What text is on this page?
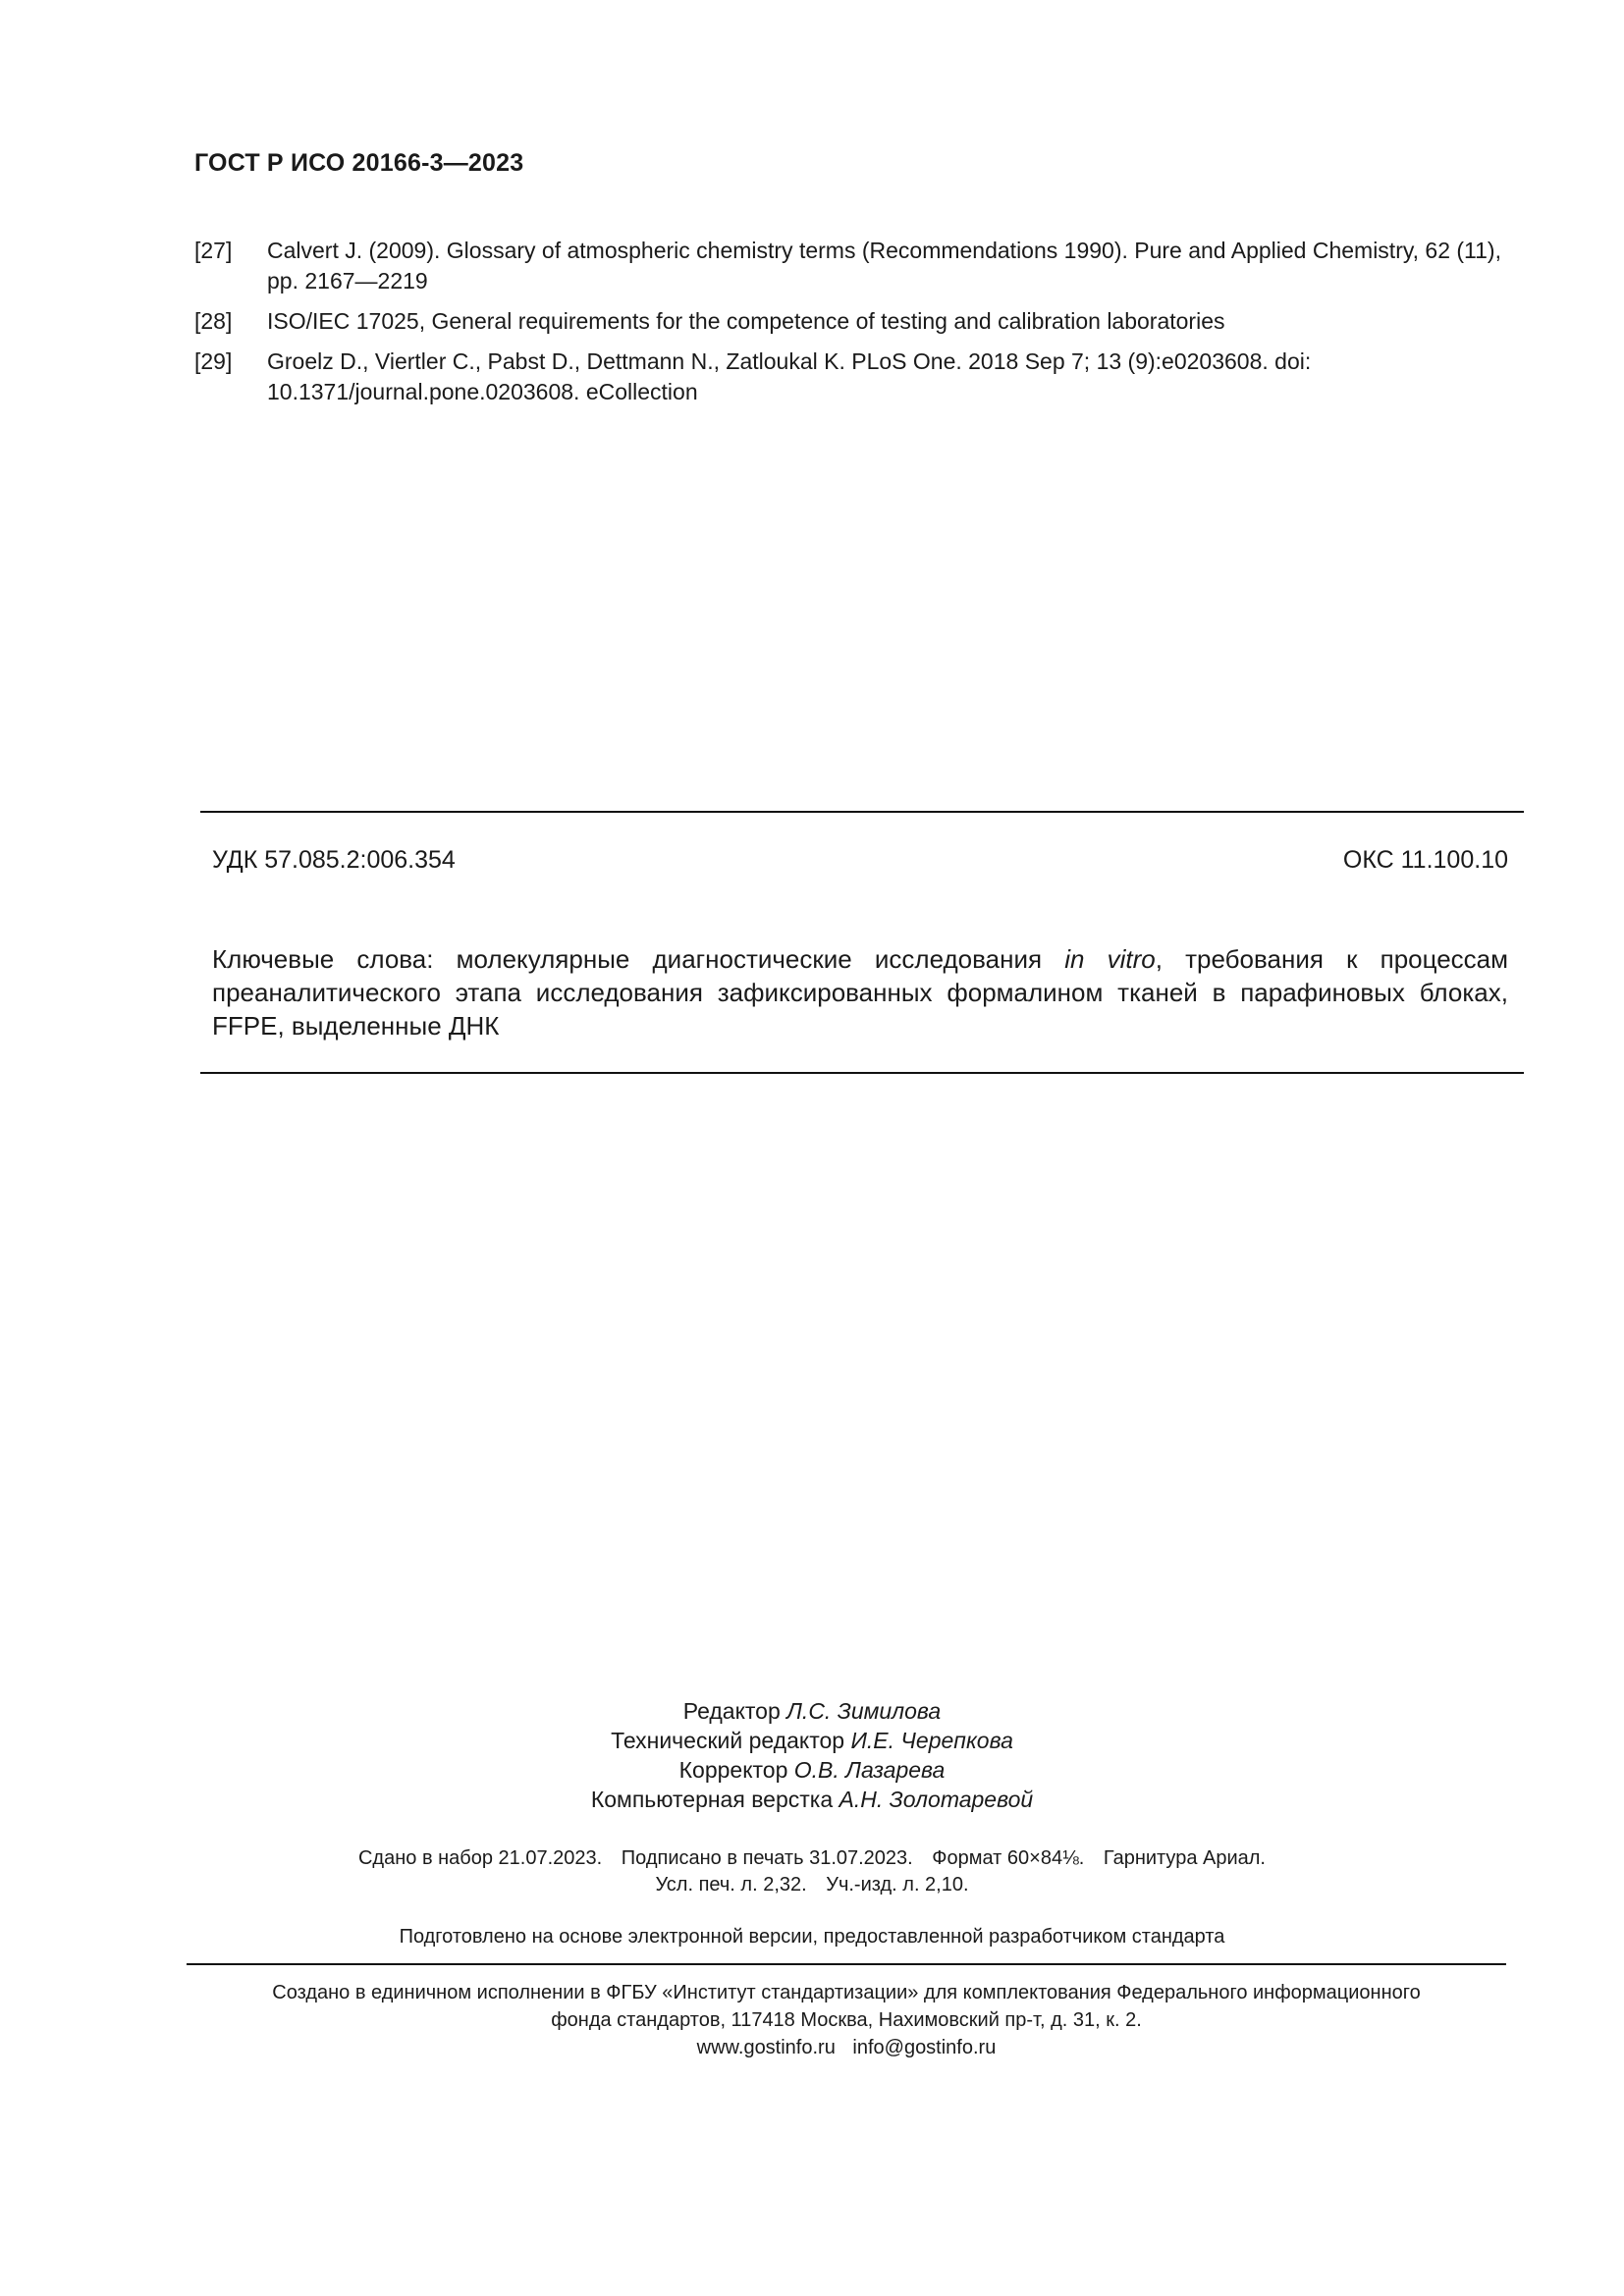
ГОСТ Р ИСО 20166-3—2023
[27]	Calvert J. (2009). Glossary of atmospheric chemistry terms (Recommendations 1990). Pure and Applied Chemistry, 62 (11), pp. 2167—2219
[28]	ISO/IEC 17025, General requirements for the competence of testing and calibration laboratories
[29]	Groelz D., Viertler C., Pabst D., Dettmann N., Zatloukal K. PLoS One. 2018 Sep 7; 13 (9):e0203608. doi: 10.1371/journal.pone.0203608. eCollection
УДК 57.085.2:006.354	ОКС 11.100.10
Ключевые слова: молекулярные диагностические исследования in vitro, требования к процессам преаналитического этапа исследования зафиксированных формалином тканей в парафиновых блоках, FFPE, выделенные ДНК
Редактор Л.С. Зимилова
Технический редактор И.Е. Черепкова
Корректор О.В. Лазарева
Компьютерная верстка А.Н. Золотаревой
Сдано в набор 21.07.2023. Подписано в печать 31.07.2023. Формат 60×84⅛. Гарнитура Ариал.
Усл. печ. л. 2,32. Уч.-изд. л. 2,10.
Подготовлено на основе электронной версии, предоставленной разработчиком стандарта
Создано в единичном исполнении в ФГБУ «Институт стандартизации» для комплектования Федерального информационного
фонда стандартов, 117418 Москва, Нахимовский пр-т, д. 31, к. 2.
www.gostinfo.ru info@gostinfo.ru
